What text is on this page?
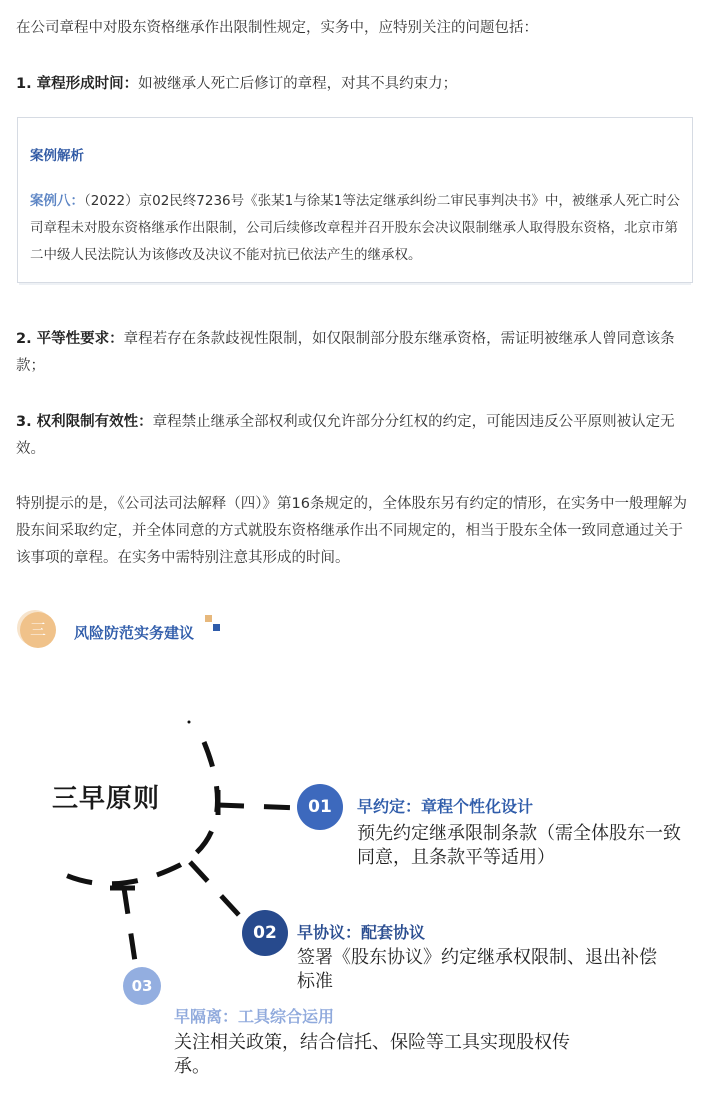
在公司章程中对股东资格继承作出限制性规定，实务中，应特别关注的问题包括：

1. 章程形成时间：如被继承人死亡后修订的章程，对其不具约束力；

案例解析
案例八：（2022）京02民终7236号《张某1与徐某1等法定继承纠纷二审民事判决书》中，被继承人死亡时公司章程未对股东资格继承作出限制，公司后续修改章程并召开股东会决议限制继承人取得股东资格，北京市第二中级人民法院认为该修改及决议不能对抗已依法产生的继承权。

2. 平等性要求：章程若存在条款歧视性限制，如仅限制部分股东继承资格，需证明被继承人曾同意该条款；

3. 权利限制有效性：章程禁止继承全部权利或仅允许部分分红权的约定，可能因违反公平原则被认定无效。

特别提示的是，《公司法司法解释（四）》第16条规定的，全体股东另有约定的情形，在实务中一般理解为股东间采取约定，并全体同意的方式就股东资格继承作出不同规定的，相当于股东全体一致同意通过关于该事项的章程。在实务中需特别注意其形成的时间。

三	风险防范实务建议
三早原则	01	早约定：章程个性化设计
预先约定继承限制条款（需全体股东一致同意，且条款平等适用）
02	早协议：配套协议
签署《股东协议》约定继承权限制、退出补偿标准
03
早隔离：工具综合运用
关注相关政策，结合信托、保险等工具实现股权传承。
